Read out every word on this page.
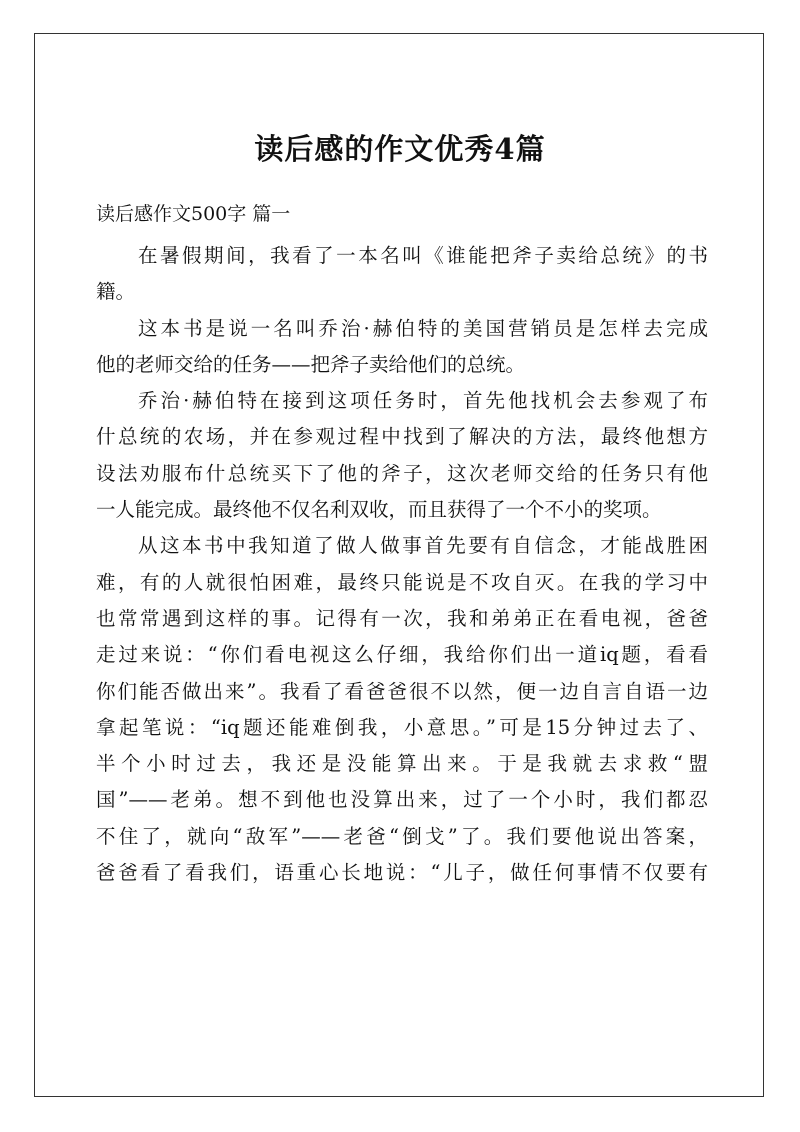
读后感的作文优秀4篇
读后感作文500字 篇一
在暑假期间，我看了一本名叫《谁能把斧子卖给总统》的书
籍。
这本书是说一名叫乔治·赫伯特的美国营销员是怎样去完成
他的老师交给的任务——把斧子卖给他们的总统。
乔治·赫伯特在接到这项任务时，首先他找机会去参观了布
什总统的农场，并在参观过程中找到了解决的方法，最终他想方
设法劝服布什总统买下了他的斧子，这次老师交给的任务只有他
一人能完成。最终他不仅名利双收，而且获得了一个不小的奖项。
从这本书中我知道了做人做事首先要有自信念，才能战胜困
难，有的人就很怕困难，最终只能说是不攻自灭。在我的学习中
也常常遇到这样的事。记得有一次，我和弟弟正在看电视，爸爸
走过来说：“你们看电视这么仔细，我给你们出一道iq题，看看
你们能否做出来”。我看了看爸爸很不以然，便一边自言自语一边
拿起笔说：“iq题还能难倒我，小意思。”可是15分钟过去了、
半个小时过去，我还是没能算出来。于是我就去求救“盟
国”——老弟。想不到他也没算出来，过了一个小时，我们都忍
不住了，就向“敌军”——老爸“倒戈”了。我们要他说出答案，
爸爸看了看我们，语重心长地说：“儿子，做任何事情不仅要有
